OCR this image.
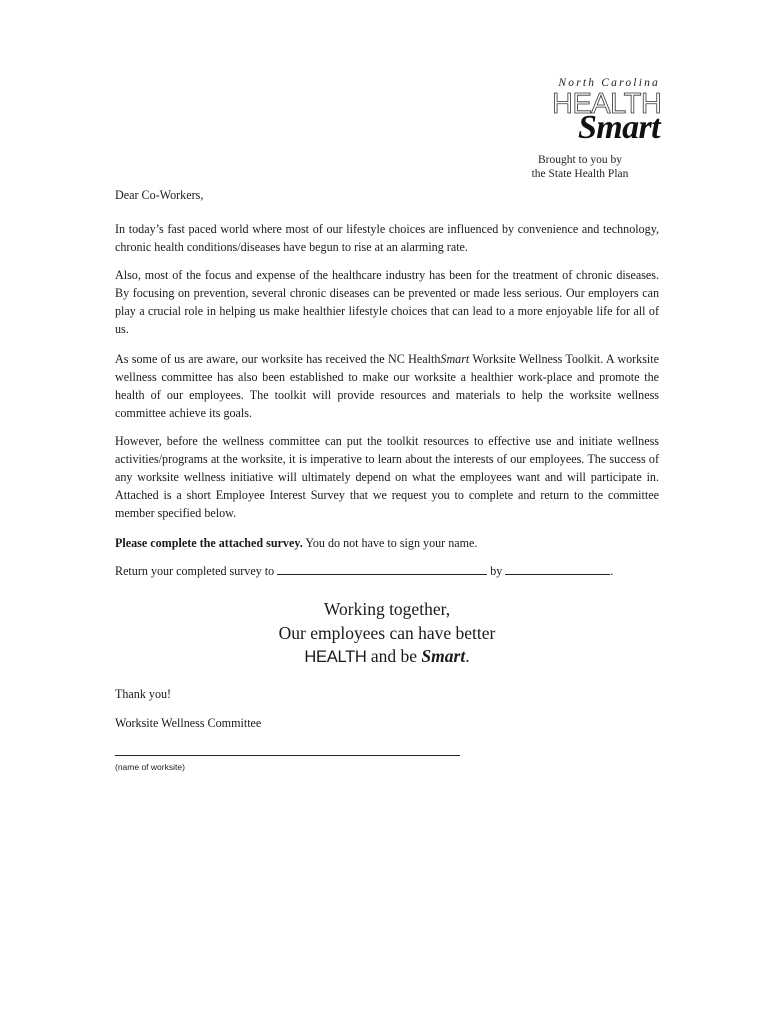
North Carolina
HEALTH
Smart
Brought to you by
the State Health Plan

Dear Co-Workers,

In today’s fast paced world where most of our lifestyle choices are influenced by convenience and technology, chronic health conditions/diseases have begun to rise at an alarming rate.

Also, most of the focus and expense of the healthcare industry has been for the treatment of chronic diseases. By focusing on prevention, several chronic diseases can be prevented or made less serious. Our employers can play a crucial role in helping us make healthier lifestyle choices that can lead to a more enjoyable life for all of us.

As some of us are aware, our worksite has received the NC HealthSmart Worksite Wellness Toolkit. A worksite wellness committee has also been established to make our worksite a healthier work-place and promote the health of our employees. The toolkit will provide resources and materials to help the worksite wellness committee achieve its goals.

However, before the wellness committee can put the toolkit resources to effective use and initiate wellness activities/programs at the worksite, it is imperative to learn about the interests of our employees. The success of any worksite wellness initiative will ultimately depend on what the employees want and will participate in. Attached is a short Employee Interest Survey that we request you to complete and return to the committee member specified below.

Please complete the attached survey. You do not have to sign your name.

Return your completed survey to	by	.

Working together,
Our employees can have better
HEALTH and be Smart.
Thank you!
Worksite Wellness Committee
(name of worksite)
